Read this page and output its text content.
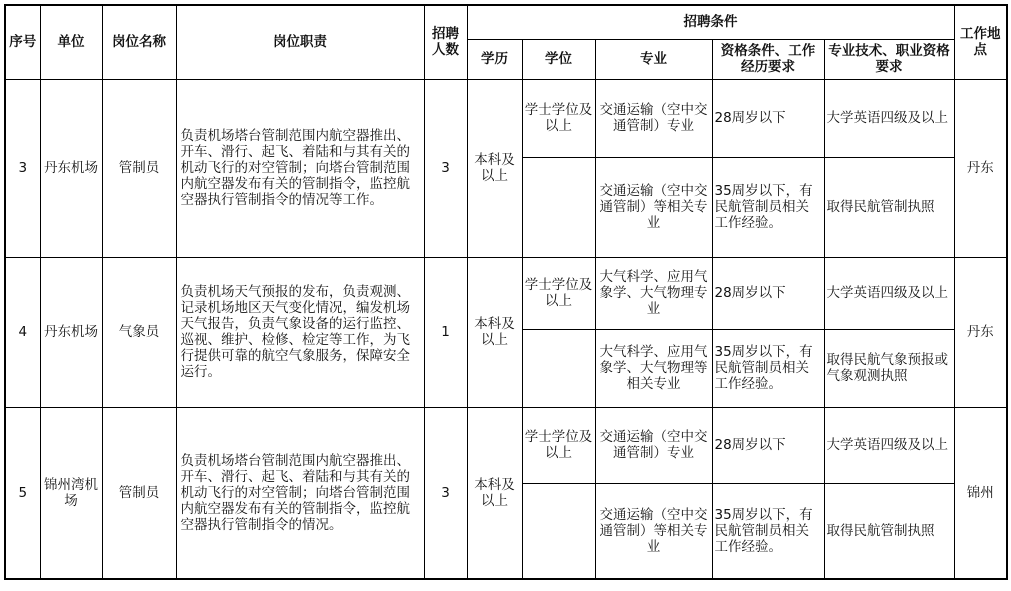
序号	单位	岗位名称	岗位职责	招聘人数	招聘条件					工作地点
					学历	学位	专业	资格条件、工作经历要求	专业技术、职业资格要求	
3	丹东机场	管制员	负责机场塔台管制范围内航空器推出、开车、滑行、起飞、着陆和与其有关的机动飞行的对空管制；向塔台管制范围内航空器发布有关的管制指令，监控航空器执行管制指令的情况等工作。	3	本科及以上	学士学位及以上	交通运输（空中交通管制）专业	28周岁以下	大学英语四级及以上	丹东
							交通运输（空中交通管制）等相关专业	35周岁以下，有民航管制员相关工作经验。	取得民航管制执照	
4	丹东机场	气象员	负责机场天气预报的发布，负责观测、记录机场地区天气变化情况，编发机场天气报告，负责气象设备的运行监控、巡视、维护、检修、检定等工作，为飞行提供可靠的航空气象服务，保障安全运行。	1	本科及以上	学士学位及以上	大气科学、应用气象学、大气物理专业	28周岁以下	大学英语四级及以上	丹东
							大气科学、应用气象学、大气物理等相关专业	35周岁以下，有民航管制员相关工作经验。	取得民航气象预报或气象观测执照	
5	锦州湾机场	管制员	负责机场塔台管制范围内航空器推出、开车、滑行、起飞、着陆和与其有关的机动飞行的对空管制；向塔台管制范围内航空器发布有关的管制指令，监控航空器执行管制指令的情况。	3	本科及以上	学士学位及以上	交通运输（空中交通管制）专业	28周岁以下	大学英语四级及以上	锦州
							交通运输（空中交通管制）等相关专业	35周岁以下，有民航管制员相关工作经验。	取得民航管制执照	
